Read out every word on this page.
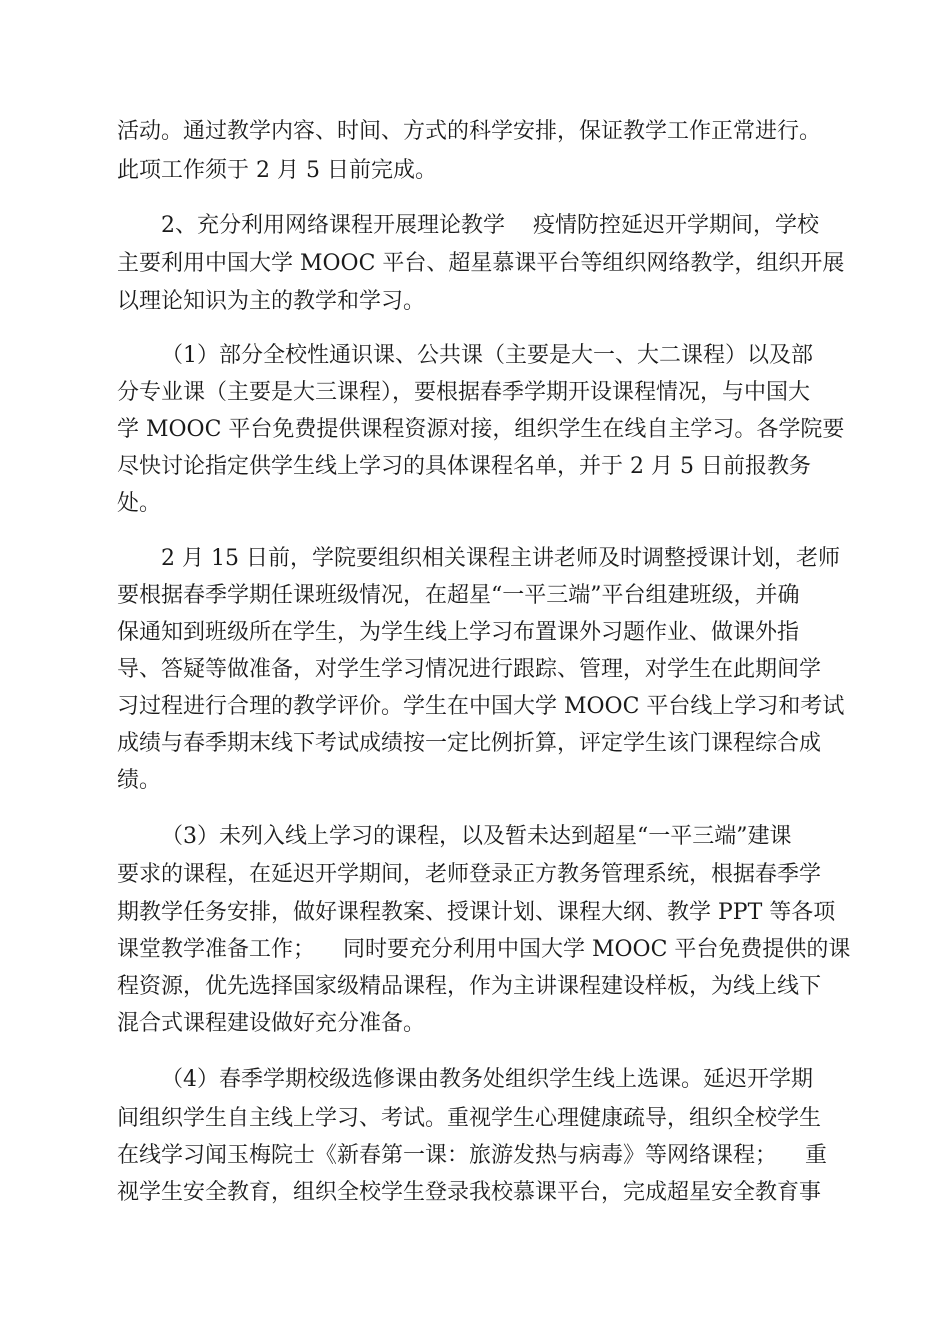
活动。通过教学内容、时间、方式的科学安排，保证教学工作正常进行。

此项工作须于 2 月 5 日前完成。

2、充分利用网络课程开展理论教学    疫情防控延迟开学期间，学校

主要利用中国大学 MOOC 平台、超星慕课平台等组织网络教学，组织开展

以理论知识为主的教学和学习。

（1）部分全校性通识课、公共课（主要是大一、大二课程）以及部

分专业课（主要是大三课程），要根据春季学期开设课程情况，与中国大

学 MOOC 平台免费提供课程资源对接，组织学生在线自主学习。各学院要

尽快讨论指定供学生线上学习的具体课程名单，并于 2 月 5 日前报教务

处。

2 月 15 日前，学院要组织相关课程主讲老师及时调整授课计划，老师

要根据春季学期任课班级情况，在超星“一平三端”平台组建班级，并确

保通知到班级所在学生，为学生线上学习布置课外习题作业、做课外指

导、答疑等做准备，对学生学习情况进行跟踪、管理，对学生在此期间学

习过程进行合理的教学评价。学生在中国大学 MOOC 平台线上学习和考试

成绩与春季期末线下考试成绩按一定比例折算，评定学生该门课程综合成

绩。

（3）未列入线上学习的课程，以及暂未达到超星“一平三端”建课

要求的课程，在延迟开学期间，老师登录正方教务管理系统，根据春季学

期教学任务安排，做好课程教案、授课计划、课程大纲、教学 PPT 等各项

课堂教学准备工作；    同时要充分利用中国大学 MOOC 平台免费提供的课

程资源，优先选择国家级精品课程，作为主讲课程建设样板，为线上线下

混合式课程建设做好充分准备。

（4）春季学期校级选修课由教务处组织学生线上选课。延迟开学期

间组织学生自主线上学习、考试。重视学生心理健康疏导，组织全校学生

在线学习闻玉梅院士《新春第一课：旅游发热与病毒》等网络课程；    重

视学生安全教育，组织全校学生登录我校慕课平台，完成超星安全教育事
